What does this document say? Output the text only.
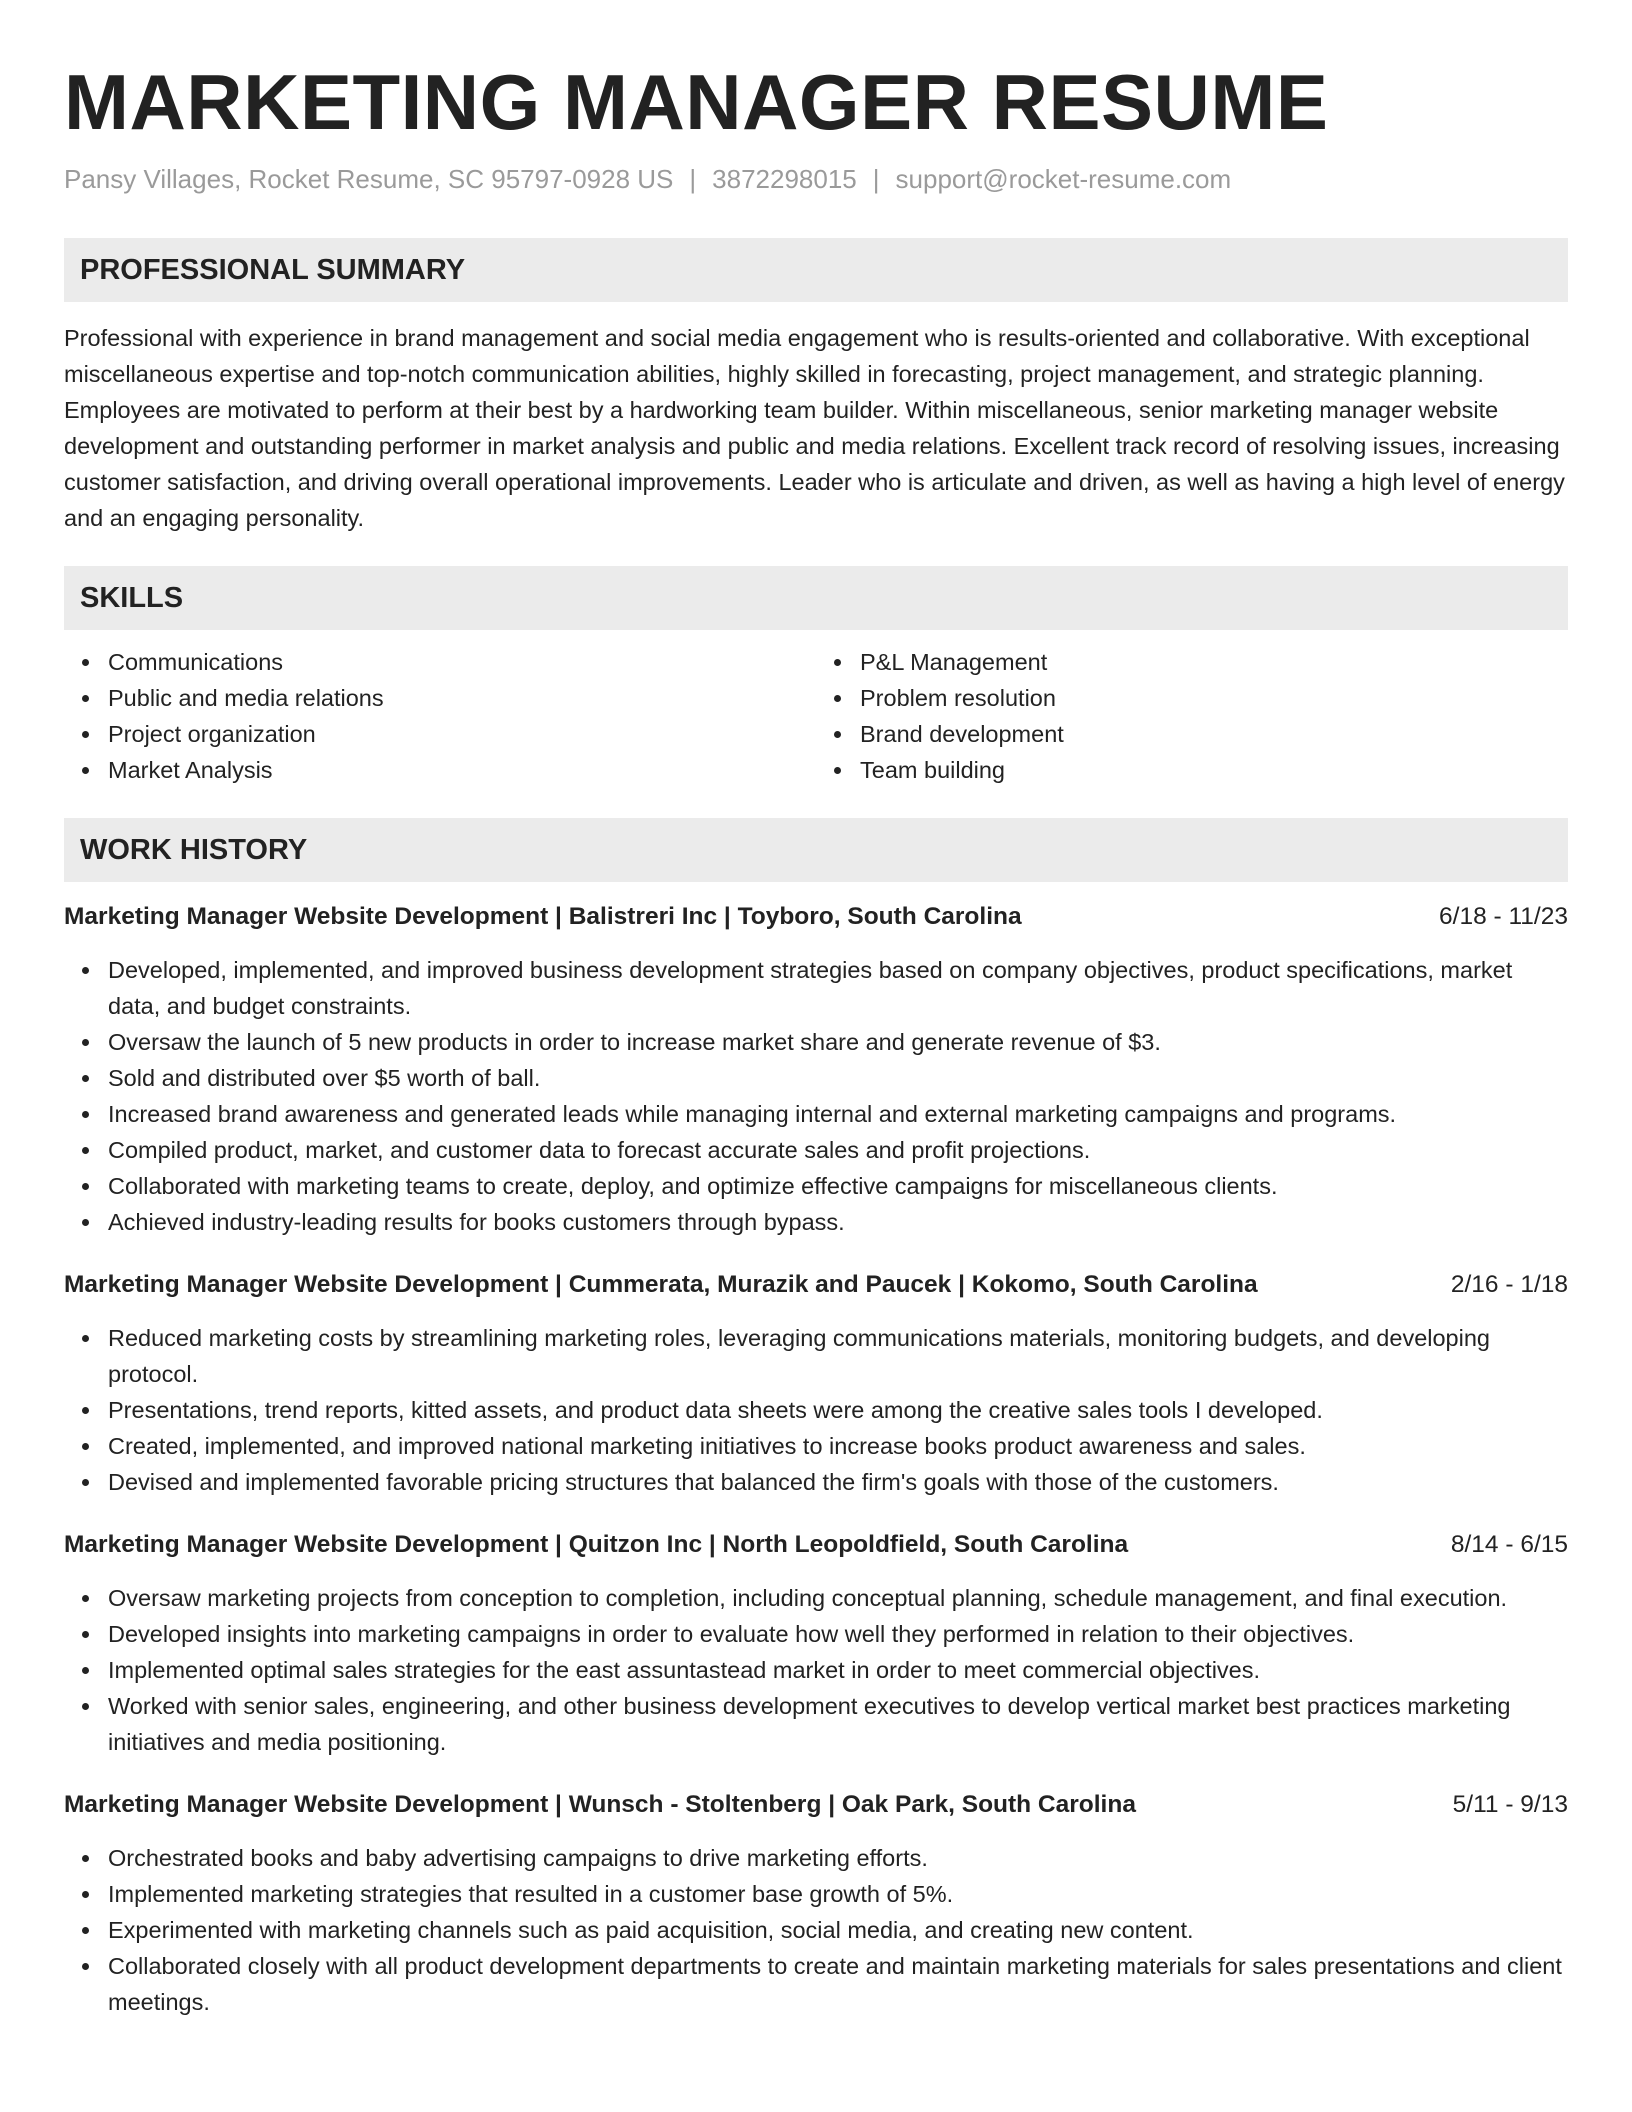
MARKETING MANAGER RESUME
Pansy Villages, Rocket Resume, SC 95797-0928 US | 3872298015 | support@rocket-resume.com
PROFESSIONAL SUMMARY

Professional with experience in brand management and social media engagement who is results-oriented and collaborative. With exceptional miscellaneous expertise and top-notch communication abilities, highly skilled in forecasting, project management, and strategic planning. Employees are motivated to perform at their best by a hardworking team builder. Within miscellaneous, senior marketing manager website development and outstanding performer in market analysis and public and media relations. Excellent track record of resolving issues, increasing customer satisfaction, and driving overall operational improvements. Leader who is articulate and driven, as well as having a high level of energy and an engaging personality.

SKILLS
Communications
Public and media relations
Project organization
Market Analysis
P&L Management
Problem resolution
Brand development
Team building
WORK HISTORY
Marketing Manager Website Development | Balistreri Inc | Toyboro, South Carolina	6/18 - 11/23
Developed, implemented, and improved business development strategies based on company objectives, product specifications, market data, and budget constraints.
Oversaw the launch of 5 new products in order to increase market share and generate revenue of $3.
Sold and distributed over $5 worth of ball.
Increased brand awareness and generated leads while managing internal and external marketing campaigns and programs.
Compiled product, market, and customer data to forecast accurate sales and profit projections.
Collaborated with marketing teams to create, deploy, and optimize effective campaigns for miscellaneous clients.
Achieved industry-leading results for books customers through bypass.
Marketing Manager Website Development | Cummerata, Murazik and Paucek | Kokomo, South Carolina	2/16 - 1/18
Reduced marketing costs by streamlining marketing roles, leveraging communications materials, monitoring budgets, and developing protocol.
Presentations, trend reports, kitted assets, and product data sheets were among the creative sales tools I developed.
Created, implemented, and improved national marketing initiatives to increase books product awareness and sales.
Devised and implemented favorable pricing structures that balanced the firm's goals with those of the customers.
Marketing Manager Website Development | Quitzon Inc | North Leopoldfield, South Carolina	8/14 - 6/15
Oversaw marketing projects from conception to completion, including conceptual planning, schedule management, and final execution.
Developed insights into marketing campaigns in order to evaluate how well they performed in relation to their objectives.
Implemented optimal sales strategies for the east assuntastead market in order to meet commercial objectives.
Worked with senior sales, engineering, and other business development executives to develop vertical market best practices marketing initiatives and media positioning.
Marketing Manager Website Development | Wunsch - Stoltenberg | Oak Park, South Carolina	5/11 - 9/13
Orchestrated books and baby advertising campaigns to drive marketing efforts.
Implemented marketing strategies that resulted in a customer base growth of 5%.
Experimented with marketing channels such as paid acquisition, social media, and creating new content.
Collaborated closely with all product development departments to create and maintain marketing materials for sales presentations and client meetings.
